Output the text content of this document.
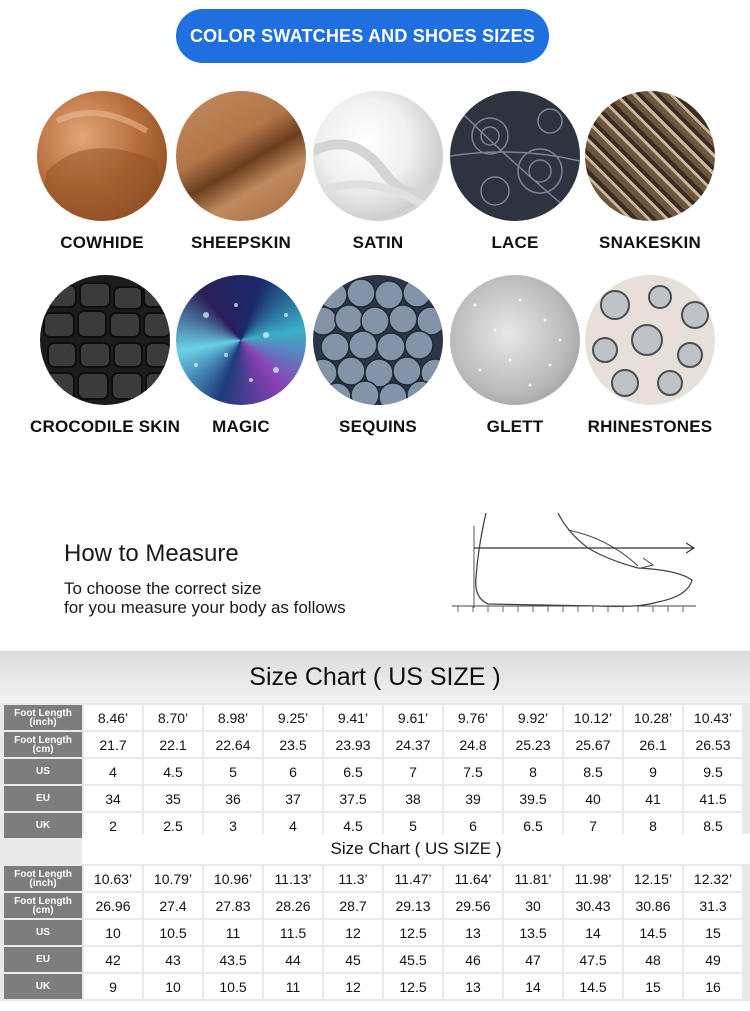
COLOR SWATCHES AND SHOES SIZES
COWHIDE	SHEEPSKIN	SATIN	LACE	SNAKESKIN
CROCODILE SKIN	MAGIC	SEQUINS	GLETT	RHINESTONES
How to Measure
To choose the correct size
for you measure your body as follows
Size Chart ( US SIZE )
Foot Length
(inch)	8.46’	8.70’	8.98’	9.25’	9.41’	9.61’	9.76’	9.92’	10.12’	10.28’	10.43’

Foot Length
(cm)	21.7	22.1	22.64	23.5	23.93	24.37	24.8	25.23	25.67	26.1	26.53
US	4	4.5	5	6	6.5	7	7.5	8	8.5	9	9.5
EU	34	35	36	37	37.5	38	39	39.5	40	41	41.5
UK	2	2.5	3	4	4.5	5	6	6.5	7	8	8.5
Size Chart ( US SIZE )
Foot Length
(inch)	10.63’	10.79’	10.96’	11.13’	11.3’	11.47’	11.64’	11.81’	11.98’	12.15’	12.32’

Foot Length
(cm)	26.96	27.4	27.83	28.26	28.7	29.13	29.56	30	30.43	30.86	31.3
US	10	10.5	11	11.5	12	12.5	13	13.5	14	14.5	15
EU	42	43	43.5	44	45	45.5	46	47	47.5	48	49
UK	9	10	10.5	11	12	12.5	13	14	14.5	15	16
